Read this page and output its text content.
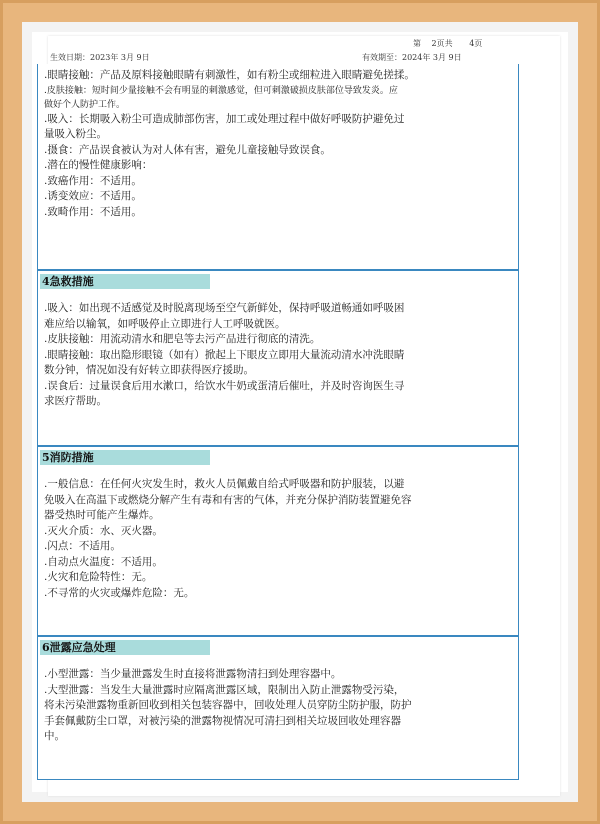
第 2页共 4页
生效日期：2023年 3月 9日	有效期至：2024年 3月 9日
.眼睛接触：产品及原料接触眼睛有刺激性，如有粉尘或细粒进入眼睛避免搓揉。
.皮肤接触：短时间少量接触不会有明显的刺激感觉，但可刺激破损皮肤部位导致发炎。应
做好个人防护工作。
.吸入：长期吸入粉尘可造成肺部伤害，加工或处理过程中做好呼吸防护避免过
量吸入粉尘。
.摄食：产品误食被认为对人体有害，避免儿童接触导致误食。
.潜在的慢性健康影响：
.致癌作用：不适用。
.诱变效应：不适用。
.致畸作用：不适用。
4急救措施
.吸入：如出现不适感觉及时脱离现场至空气新鲜处，保持呼吸道畅通如呼吸困
难应给以输氧，如呼吸停止立即进行人工呼吸就医。
.皮肤接触：用流动清水和肥皂等去污产品进行彻底的清洗。
.眼睛接触：取出隐形眼镜（如有）掀起上下眼皮立即用大量流动清水冲洗眼睛
数分钟，情况如没有好转立即获得医疗援助。
.误食后：过量误食后用水漱口，给饮水牛奶或蛋清后催吐，并及时咨询医生寻
求医疗帮助。
5消防措施
.一般信息：在任何火灾发生时，救火人员佩戴自给式呼吸器和防护服装，以避
免吸入在高温下或燃烧分解产生有毒和有害的气体，并充分保护消防装置避免容
器受热时可能产生爆炸。
.灭火介质：水、灭火器。
.闪点：不适用。
.自动点火温度：不适用。
.火灾和危险特性：无。
.不寻常的火灾或爆炸危险：无。
6泄露应急处理
.小型泄露：当少量泄露发生时直接将泄露物清扫到处理容器中。
.大型泄露：当发生大量泄露时应隔离泄露区域，限制出入防止泄露物受污染，
将未污染泄露物重新回收到相关包装容器中，回收处理人员穿防尘防护服，防护
手套佩戴防尘口罩，对被污染的泄露物视情况可清扫到相关垃圾回收处理容器
中。
